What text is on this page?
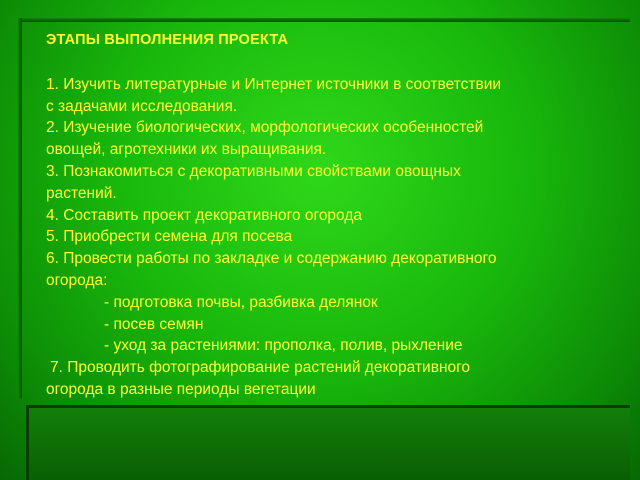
ЭТАПЫ ВЫПОЛНЕНИЯ ПРОЕКТА
1. Изучить литературные и Интернет источники в соответствии
с задачами исследования.
2. Изучение биологических, морфологических особенностей
овощей, агротехники их выращивания.
3. Познакомиться с декоративными свойствами овощных
растений.
4. Составить проект декоративного огорода
5. Приобрести семена для посева
6. Провести работы по закладке и содержанию декоративного
огорода:
- подготовка почвы, разбивка делянок
- посев семян
- уход за растениями: прополка, полив, рыхление
7. Проводить фотографирование растений декоративного
огорода в разные периоды вегетации
